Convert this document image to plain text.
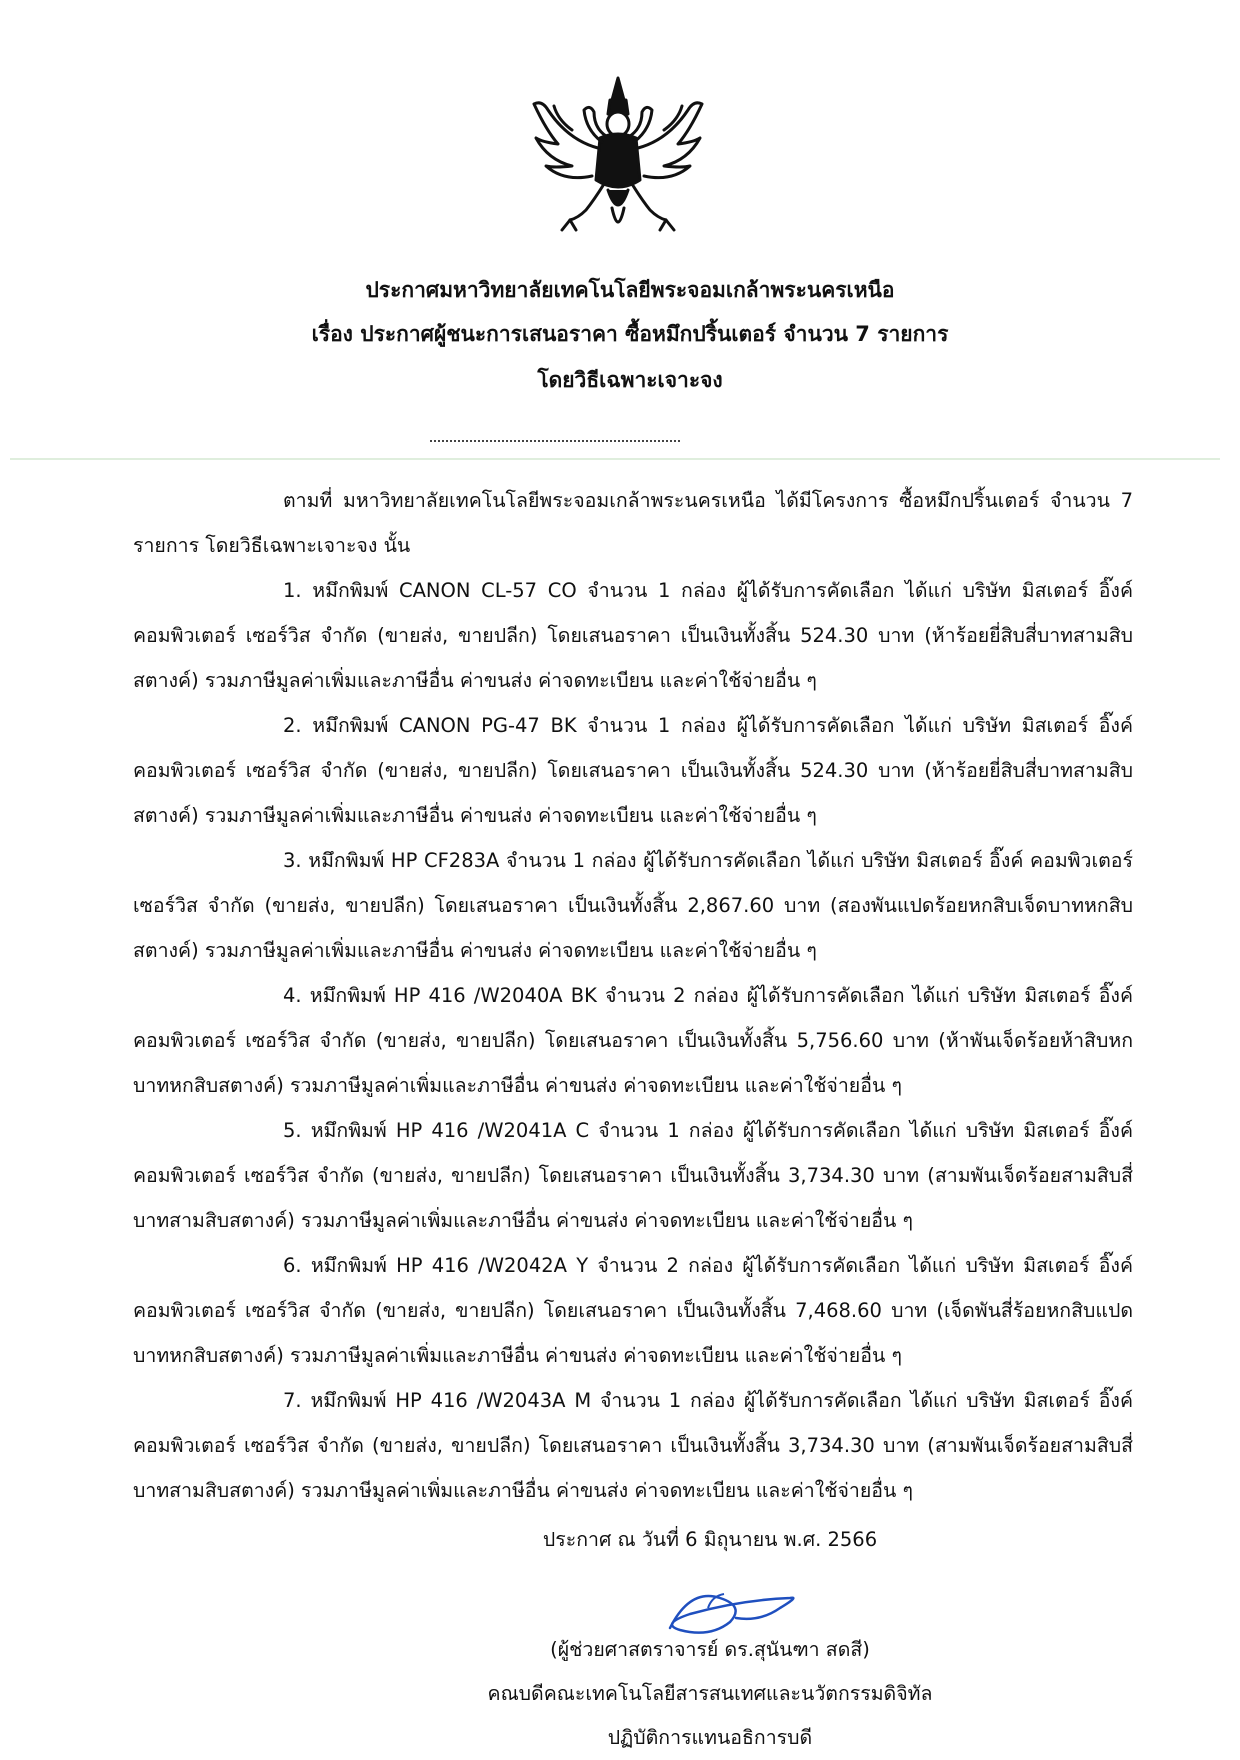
ประกาศมหาวิทยาลัยเทคโนโลยีพระจอมเกล้าพระนครเหนือ
เรื่อง ประกาศผู้ชนะการเสนอราคา ซื้อหมึกปริ้นเตอร์ จำนวน 7 รายการ
โดยวิธีเฉพาะเจาะจง

ตามที่ มหาวิทยาลัยเทคโนโลยีพระจอมเกล้าพระนครเหนือ ได้มีโครงการ ซื้อหมึกปริ้นเตอร์ จำนวน 7 รายการ โดยวิธีเฉพาะเจาะจง นั้น

1. หมึกพิมพ์ CANON CL-57 CO จำนวน 1 กล่อง ผู้ได้รับการคัดเลือก ได้แก่ บริษัท มิสเตอร์ อิ๊งค์ คอมพิวเตอร์ เซอร์วิส จำกัด (ขายส่ง, ขายปลีก) โดยเสนอราคา เป็นเงินทั้งสิ้น 524.30 บาท (ห้าร้อยยี่สิบสี่บาทสามสิบสตางค์) รวมภาษีมูลค่าเพิ่มและภาษีอื่น ค่าขนส่ง ค่าจดทะเบียน และค่าใช้จ่ายอื่น ๆ

2. หมึกพิมพ์ CANON PG-47 BK จำนวน 1 กล่อง ผู้ได้รับการคัดเลือก ได้แก่ บริษัท มิสเตอร์ อิ๊งค์ คอมพิวเตอร์ เซอร์วิส จำกัด (ขายส่ง, ขายปลีก) โดยเสนอราคา เป็นเงินทั้งสิ้น 524.30 บาท (ห้าร้อยยี่สิบสี่บาทสามสิบสตางค์) รวมภาษีมูลค่าเพิ่มและภาษีอื่น ค่าขนส่ง ค่าจดทะเบียน และค่าใช้จ่ายอื่น ๆ

3. หมึกพิมพ์ HP CF283A จำนวน 1 กล่อง ผู้ได้รับการคัดเลือก ได้แก่ บริษัท มิสเตอร์ อิ๊งค์ คอมพิวเตอร์ เซอร์วิส จำกัด (ขายส่ง, ขายปลีก) โดยเสนอราคา เป็นเงินทั้งสิ้น 2,867.60 บาท (สองพันแปดร้อยหกสิบเจ็ดบาทหกสิบสตางค์) รวมภาษีมูลค่าเพิ่มและภาษีอื่น ค่าขนส่ง ค่าจดทะเบียน และค่าใช้จ่ายอื่น ๆ

4. หมึกพิมพ์ HP 416 /W2040A BK จำนวน 2 กล่อง ผู้ได้รับการคัดเลือก ได้แก่ บริษัท มิสเตอร์ อิ๊งค์ คอมพิวเตอร์ เซอร์วิส จำกัด (ขายส่ง, ขายปลีก) โดยเสนอราคา เป็นเงินทั้งสิ้น 5,756.60 บาท (ห้าพันเจ็ดร้อยห้าสิบหกบาทหกสิบสตางค์) รวมภาษีมูลค่าเพิ่มและภาษีอื่น ค่าขนส่ง ค่าจดทะเบียน และค่าใช้จ่ายอื่น ๆ

5. หมึกพิมพ์ HP 416 /W2041A C จำนวน 1 กล่อง ผู้ได้รับการคัดเลือก ได้แก่ บริษัท มิสเตอร์ อิ๊งค์คอมพิวเตอร์ เซอร์วิส จำกัด (ขายส่ง, ขายปลีก) โดยเสนอราคา เป็นเงินทั้งสิ้น 3,734.30 บาท (สามพันเจ็ดร้อยสามสิบสี่บาทสามสิบสตางค์) รวมภาษีมูลค่าเพิ่มและภาษีอื่น ค่าขนส่ง ค่าจดทะเบียน และค่าใช้จ่ายอื่น ๆ

6. หมึกพิมพ์ HP 416 /W2042A Y จำนวน 2 กล่อง ผู้ได้รับการคัดเลือก ได้แก่ บริษัท มิสเตอร์ อิ๊งค์คอมพิวเตอร์ เซอร์วิส จำกัด (ขายส่ง, ขายปลีก) โดยเสนอราคา เป็นเงินทั้งสิ้น 7,468.60 บาท (เจ็ดพันสี่ร้อยหกสิบแปดบาทหกสิบสตางค์) รวมภาษีมูลค่าเพิ่มและภาษีอื่น ค่าขนส่ง ค่าจดทะเบียน และค่าใช้จ่ายอื่น ๆ

7. หมึกพิมพ์ HP 416 /W2043A M จำนวน 1 กล่อง ผู้ได้รับการคัดเลือก ได้แก่ บริษัท มิสเตอร์ อิ๊งค์คอมพิวเตอร์ เซอร์วิส จำกัด (ขายส่ง, ขายปลีก) โดยเสนอราคา เป็นเงินทั้งสิ้น 3,734.30 บาท (สามพันเจ็ดร้อยสามสิบสี่บาทสามสิบสตางค์) รวมภาษีมูลค่าเพิ่มและภาษีอื่น ค่าขนส่ง ค่าจดทะเบียน และค่าใช้จ่ายอื่น ๆ

ประกาศ ณ วันที่ 6 มิถุนายน พ.ศ. 2566
(ผู้ช่วยศาสตราจารย์ ดร.สุนันฑา สดสี)
คณบดีคณะเทคโนโลยีสารสนเทศและนวัตกรรมดิจิทัล
ปฏิบัติการแทนอธิการบดี
